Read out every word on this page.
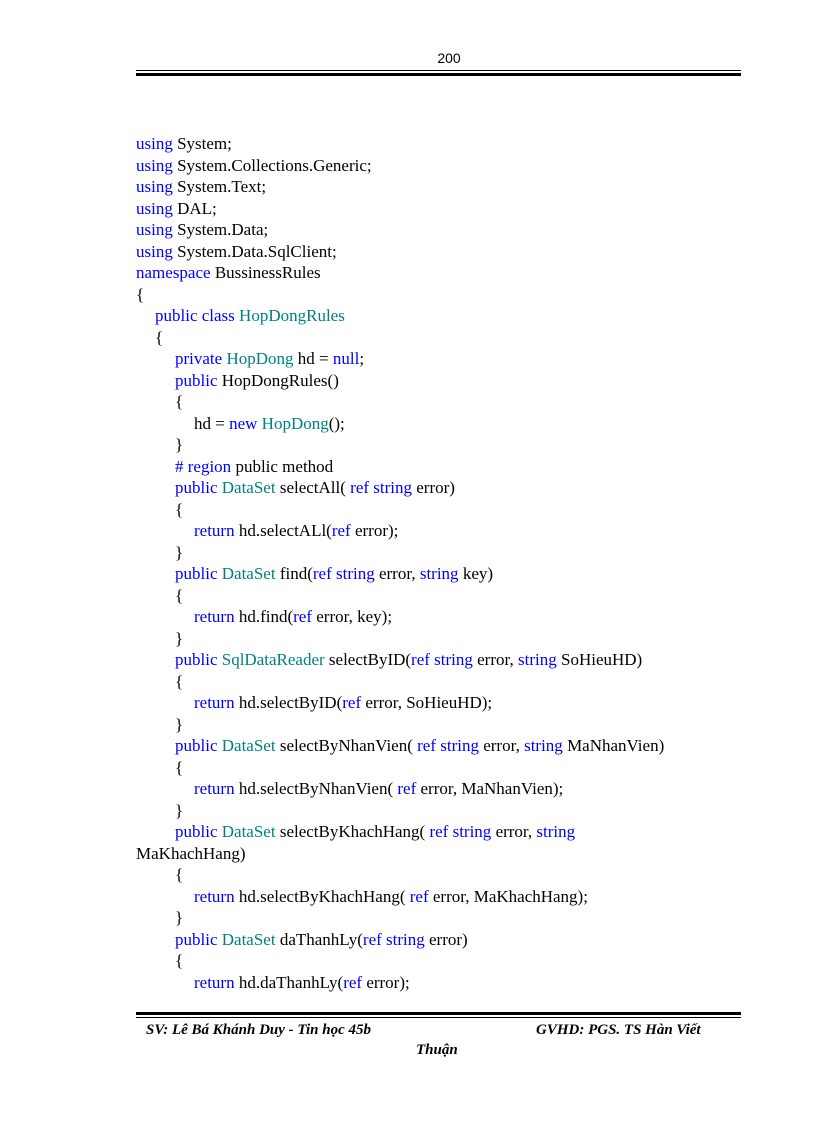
200
using System;
using System.Collections.Generic;
using System.Text;
using DAL;
using System.Data;
using System.Data.SqlClient;
namespace BussinessRules
{
public class HopDongRules
{
private HopDong hd = null;
public HopDongRules()
{
hd = new HopDong();
}
# region public method
public DataSet selectAll( ref string error)
{
return hd.selectALl(ref error);
}
public DataSet find(ref string error, string key)
{
return hd.find(ref error, key);
}
public SqlDataReader selectByID(ref string error, string SoHieuHD)
{
return hd.selectByID(ref error, SoHieuHD);
}
public DataSet selectByNhanVien( ref string error, string MaNhanVien)
{
return hd.selectByNhanVien( ref error, MaNhanVien);
}
public DataSet selectByKhachHang( ref string error, string
MaKhachHang)
{
return hd.selectByKhachHang( ref error, MaKhachHang);
}
public DataSet daThanhLy(ref string error)
{
return hd.daThanhLy(ref error);
SV: Lê Bá Khánh Duy - Tin học 45b	GVHD: PGS. TS Hàn Viết
Thuận
